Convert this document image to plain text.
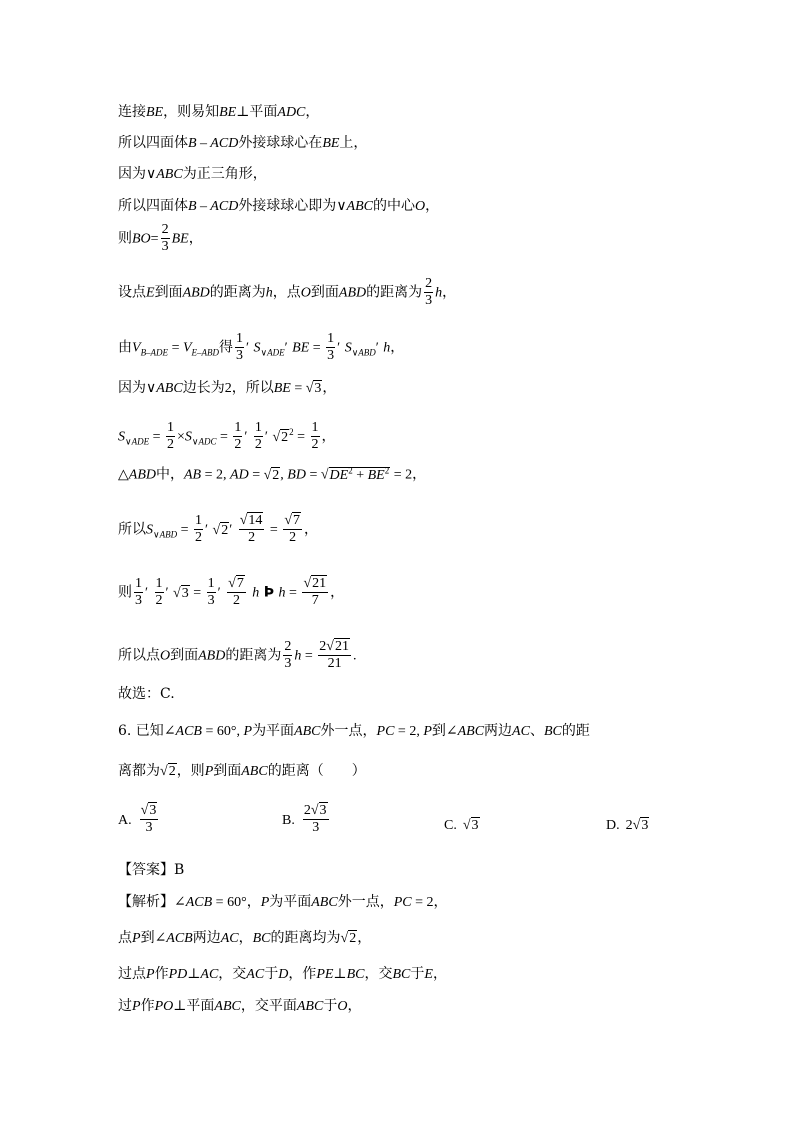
连接BE，则易知BE⊥平面ADC，
所以四面体B – ACD外接球球心在BE上，
因为∨ABC为正三角形，
所以四面体B – ACD外接球球心即为∨ABC的中心O，
则$BO= \frac{2}{3}$ BE，
设点E到面ABD的距离为h，点O到面ABD的距离为 $\frac{2}{3}$ h，
由$V_{B-ADE} = V_{E-ABD}$得 $\frac{1}{3}$ ′ $S_{\vee ADE}'$ BE = $\frac{1}{3}$ ′ $S_{\vee ABD}'$ h，
因为∨ABC边长为2，所以BE = √3，
$S_{\vee ADE} = \frac{1}{2} \times S_{\vee ADC} = \frac{1}{2}$ ′ $\frac{1}{2}$ ′ $√2^2 = \frac{1}{2}$ ，
△ABD中，AB = 2, AD = √2, BD = $√DE^2 + BE^2 = 2$，
所以$S_{\vee ABD} = \frac{1}{2}$ ′ $√2' \frac{√14}{2} = \frac{√7}{2}$ ，
则 $\frac{1}{3}$ ′ $\frac{1}{2}$ ′ $√3 = \frac{1}{3}$ ′ $\frac{√7}{2}$ h Þ $h = \frac{√21}{7}$ ，
所以点O到面ABD的距离为 $\frac{2}{3}$ $h = \frac{2√21}{21}$ .
故选：C.
6. 已知∠ACB = 60°, P为平面ABC外一点，PC = 2, P到∠ABC两边AC、BC的距
离都为√2，则P到面ABC的距离（　　）
A. $\frac{√3}{3}$	B. $\frac{2√3}{3}$	C. √3	D. 2√3
【答案】B
【解析】∠ACB = 60°，P为平面ABC外一点，PC = 2，
点P到∠ACB两边AC，BC的距离均为√2，
过点P作PD⊥AC，交AC于D，作PE⊥BC，交BC于E，
过P作PO⊥平面ABC，交平面ABC于O，
